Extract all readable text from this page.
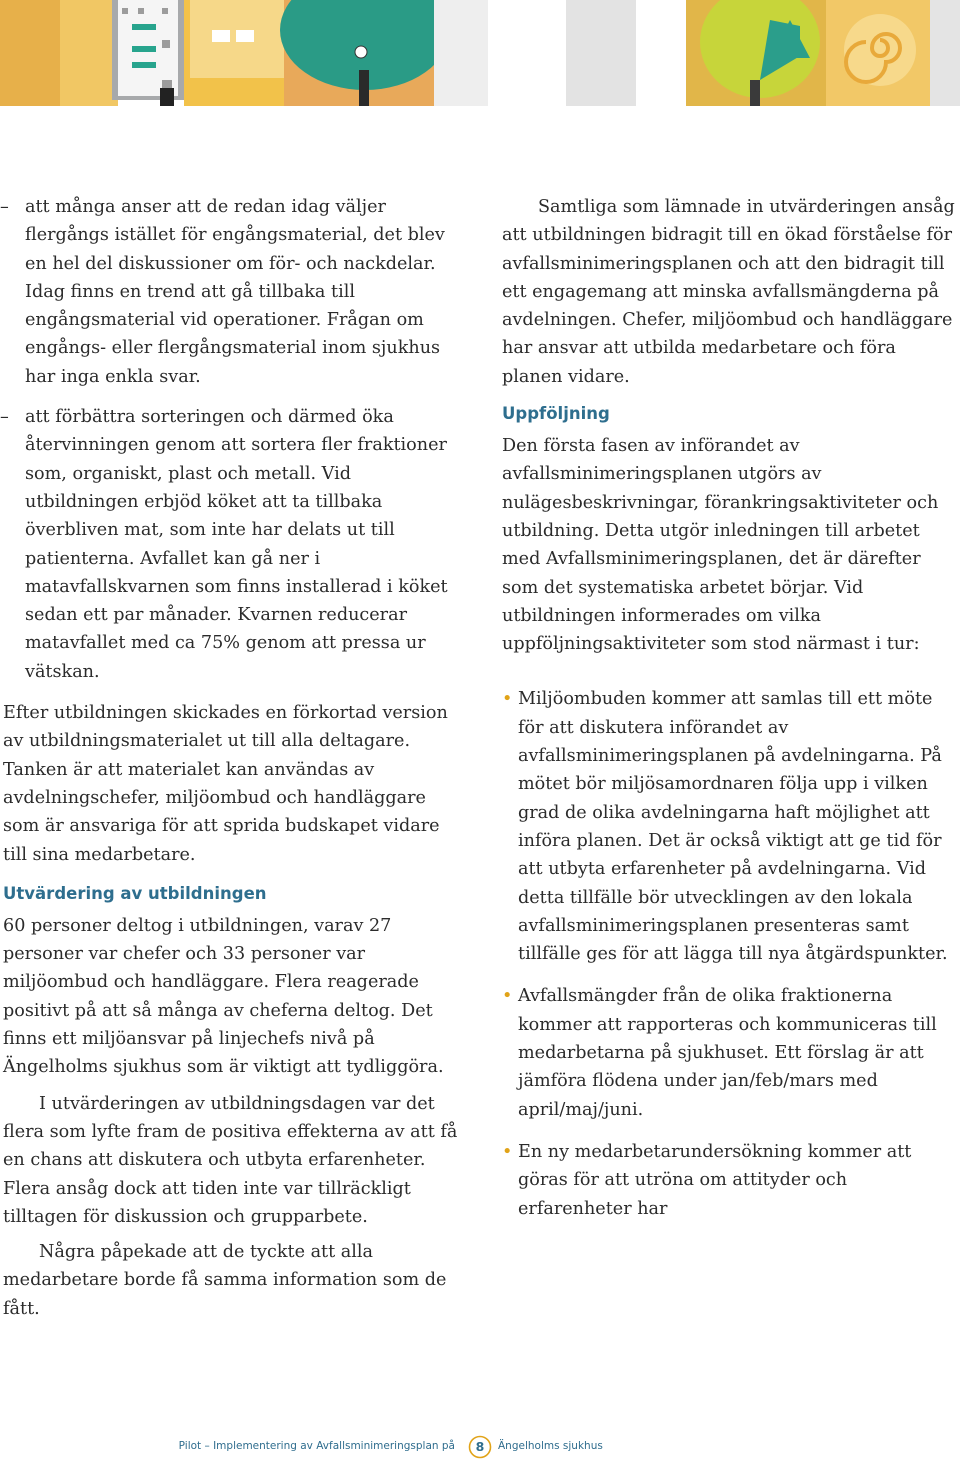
– att många anser att de redan idag väljer flergångs istället för engångsmaterial, det blev en hel del diskussioner om för- och nackdelar. Idag finns en trend att gå tillbaka till engångsmaterial vid operationer. Frågan om engångs- eller flergångsmaterial inom sjukhus har inga enkla svar.

– att förbättra sorteringen och därmed öka återvinningen genom att sortera fler fraktioner som, organiskt, plast och metall. Vid utbildningen erbjöd köket att ta tillbaka överbliven mat, som inte har delats ut till patienterna. Avfallet kan gå ner i matavfallskvarnen som finns installerad i köket sedan ett par månader. Kvarnen reducerar matavfallet med ca 75% genom att pressa ur vätskan.

Efter utbildningen skickades en förkortad version av utbildningsmaterialet ut till alla deltagare. Tanken är att materialet kan användas av avdelningschefer, miljöombud och handläggare som är ansvariga för att sprida budskapet vidare till sina medarbetare.

Utvärdering av utbildningen

60 personer deltog i utbildningen, varav 27 personer var chefer och 33 personer var miljöombud och handläggare. Flera reagerade positivt på att så många av cheferna deltog. Det finns ett miljöansvar på linjechefs nivå på Ängelholms sjukhus som är viktigt att tydliggöra.

I utvärderingen av utbildningsdagen var det flera som lyfte fram de positiva effekterna av att få en chans att diskutera och utbyta erfarenheter. Flera ansåg dock att tiden inte var tillräckligt tilltagen för diskussion och grupparbete.

Några påpekade att de tyckte att alla medarbetare borde få samma information som de fått.

Samtliga som lämnade in utvärderingen ansåg att utbildningen bidragit till en ökad förståelse för avfallsminimeringsplanen och att den bidragit till ett engagemang att minska avfallsmängderna på avdelningen. Chefer, miljöombud och handläggare har ansvar att utbilda medarbetare och föra planen vidare.

Uppföljning

Den första fasen av införandet av avfallsminimeringsplanen utgörs av nulägesbeskrivningar, förankringsaktiviteter och utbildning. Detta utgör inledningen till arbetet med Avfallsminimeringsplanen, det är därefter som det systematiska arbetet börjar. Vid utbildningen informerades om vilka uppföljningsaktiviteter som stod närmast i tur:

• Miljöombuden kommer att samlas till ett möte för att diskutera införandet av avfallsminimeringsplanen på avdelningarna. På mötet bör miljösamordnaren följa upp i vilken grad de olika avdelningarna haft möjlighet att införa planen. Det är också viktigt att ge tid för att utbyta erfarenheter på avdelningarna. Vid detta tillfälle bör utvecklingen av den lokala avfallsminimeringsplanen presenteras samt tillfälle ges för att lägga till nya åtgärdspunkter.

• Avfallsmängder från de olika fraktionerna kommer att rapporteras och kommuniceras till medarbetarna på sjukhuset. Ett förslag är att jämföra flödena under jan/feb/mars med april/maj/juni.

• En ny medarbetarundersökning kommer att göras för att utröna om attityder och erfarenheter har

Pilot – Implementering av Avfallsminimeringsplan på	8	Ängelholms sjukhus
